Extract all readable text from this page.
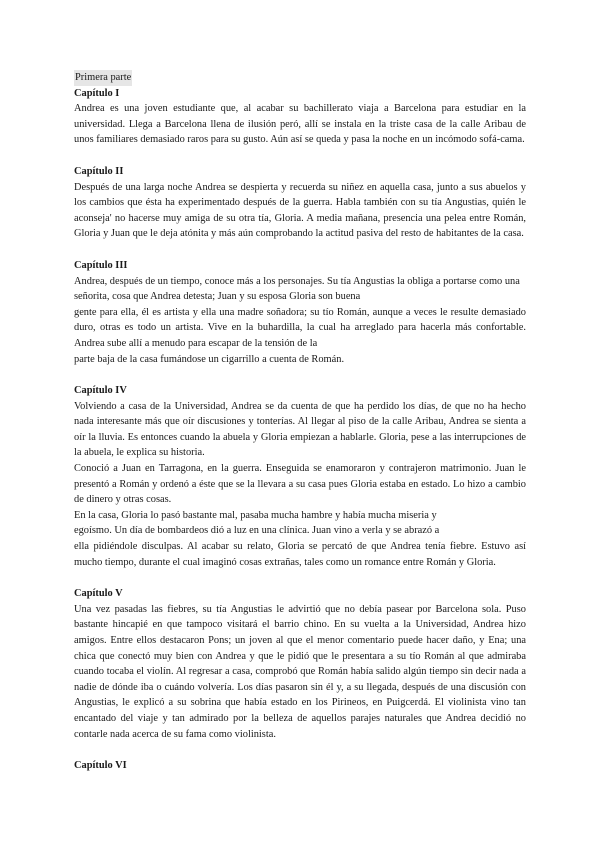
Primera parte
Capítulo I

Andrea es una joven estudiante que, al acabar su bachillerato viaja a Barcelona para estudiar en la universidad. Llega a Barcelona llena de ilusión peró, allí se instala en la triste casa de la calle Aribau de unos familiares demasiado raros para su gusto. Aún así se queda y pasa la noche en un incómodo sofá-cama.

Capítulo II

Después de una larga noche Andrea se despierta y recuerda su niñez en aquella casa, junto a sus abuelos y los cambios que ésta ha experimentado después de la guerra. Habla también con su tía Angustias, quién le aconseja' no hacerse muy amiga de su otra tía, Gloria. A media mañana, presencia una pelea entre Román, Gloria y Juan que le deja atónita y más aún comprobando la actitud pasiva del resto de habitantes de la casa.

Capítulo III

Andrea, después de un tiempo, conoce más a los personajes. Su tía Angustias la obliga a portarse como una señorita, cosa que Andrea detesta; Juan y su esposa Gloria son buena

gente para ella, él es artista y ella una madre soñadora; su tío Román, aunque a veces le resulte demasiado duro, otras es todo un artista. Vive en la buhardilla, la cual ha arreglado para hacerla más confortable. Andrea sube allí a menudo para escapar de la tensión de la

parte baja de la casa fumándose un cigarrillo a cuenta de Román.

Capítulo IV

Volviendo a casa de la Universidad, Andrea se da cuenta de que ha perdido los días, de que no ha hecho nada interesante más que oír discusiones y tonterías. Al llegar al piso de la calle Aribau, Andrea se sienta a oír la lluvia. Es entonces cuando la abuela y Gloria empiezan a hablarle. Gloria, pese a las interrupciones de la abuela, le explica su historia.

Conoció a Juan en Tarragona, en la guerra. Enseguida se enamoraron y contrajeron matrimonio. Juan le presentó a Román y ordenó a éste que se la llevara a su casa pues Gloria estaba en estado. Lo hizo a cambio de dinero y otras cosas.

En la casa, Gloria lo pasó bastante mal, pasaba mucha hambre y había mucha miseria y

egoísmo. Un día de bombardeos dió a luz en una clínica. Juan vino a verla y se abrazó a

ella pidiéndole disculpas. Al acabar su relato, Gloria se percató de que Andrea tenía fiebre. Estuvo así mucho tiempo, durante el cual imaginó cosas extrañas, tales como un romance entre Román y Gloria.

Capítulo V

Una vez pasadas las fiebres, su tía Angustias le advirtió que no debía pasear por Barcelona sola. Puso bastante hincapié en que tampoco visitará el barrio chino. En su vuelta a la Universidad, Andrea hizo amigos. Entre ellos destacaron Pons; un joven al que el menor comentario puede hacer daño, y Ena; una chica que conectó muy bien con Andrea y que le pidió que le presentara a su tío Román al que admiraba cuando tocaba el violín. Al regresar a casa, comprobó que Román había salido algún tiempo sin decir nada a nadie de dónde iba o cuándo volvería. Los días pasaron sin él y, a su llegada, después de una discusión con Angustias, le explicó a su sobrina que había estado en los Pirineos, en Puigcerdá. El violinista vino tan encantado del viaje y tan admirado por la belleza de aquellos parajes naturales que Andrea decidió no contarle nada acerca de su fama como violinista.

Capítulo VI
